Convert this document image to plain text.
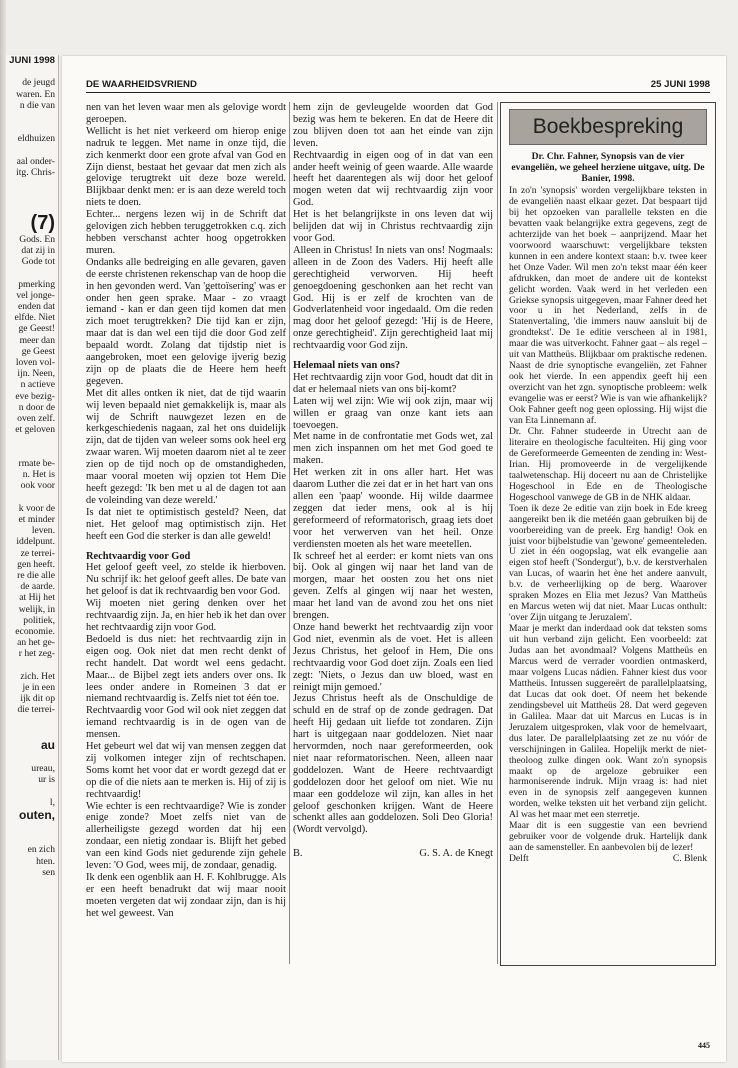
JUNI 1998

de jeugd
waren. En
n die van

eldhuizen

aal onder-
itg. Chris-

(7)
Gods. En
dat zij in
Gode tot

pmerking
vel jonge-
enden dat
elfde. Niet
ge Geest!
meer dan
ge Geest
loven vol-
ijn. Neen,
n actieve
eve bezig-
n door de
oven zelf.
et geloven

rmate be-
n. Het is
ook voor

k voor de
et minder
leven.
iddelpunt.
ze terrei-
gen heeft.
re die alle
de aarde.
at Hij het
welijk, in
politiek,
economie.
an het ge-
r het zeg-

zich. Het
je in een
ijk dit op
die terrei-

au

ureau,
ur is

l,
outen,

en zich
hten.
sen
DE WAARHEIDSVRIEND	25 JUNI 1998

nen van het leven waar men als gelovige wordt geroepen.

Wellicht is het niet verkeerd om hierop enige nadruk te leggen. Met name in onze tijd, die zich kenmerkt door een grote afval van God en Zijn dienst, bestaat het gevaar dat men zich als gelovige terugtrekt uit deze boze wereld. Blijkbaar denkt men: er is aan deze wereld toch niets te doen.

Echter... nergens lezen wij in de Schrift dat gelovigen zich hebben teruggetrokken c.q. zich hebben verschanst achter hoog opgetrokken muren.

Ondanks alle bedreiging en alle gevaren, gaven de eerste christenen rekenschap van de hoop die in hen gevonden werd. Van 'gettoïsering' was er onder hen geen sprake. Maar - zo vraagt iemand - kan er dan geen tijd komen dat men zich moet terugtrekken? Die tijd kan er zijn, maar dat is dan wel een tijd die door God zelf bepaald wordt. Zolang dat tijdstip niet is aangebroken, moet een gelovige ijverig bezig zijn op de plaats die de Heere hem heeft gegeven.

Met dit alles ontken ik niet, dat de tijd waarin wij leven bepaald niet gemakkelijk is, maar als wij de Schrift nauwgezet lezen en de kerkgeschiedenis nagaan, zal het ons duidelijk zijn, dat de tijden van weleer soms ook heel erg zwaar waren. Wij moeten daarom niet al te zeer zien op de tijd noch op de omstandigheden, maar vooral moeten wij opzien tot Hem Die heeft gezegd: 'Ik ben met u al de dagen tot aan de voleinding van deze wereld.'

Is dat niet te optimistisch gesteld? Neen, dat niet. Het geloof mag optimistisch zijn. Het heeft een God die sterker is dan alle geweld!

Rechtvaardig voor God

Het geloof geeft veel, zo stelde ik hierboven. Nu schrijf ik: het geloof geeft alles. De bate van het geloof is dat ik rechtvaardig ben voor God.

Wij moeten niet gering denken over het rechtvaardig zijn. Ja, en hier heb ik het dan over het rechtvaardig zijn voor God.

Bedoeld is dus niet: het rechtvaardig zijn in eigen oog. Ook niet dat men recht denkt of recht handelt. Dat wordt wel eens gedacht. Maar... de Bijbel zegt iets anders over ons. Ik lees onder andere in Romeinen 3 dat er niemand rechtvaardig is. Zelfs niet tot één toe.

Rechtvaardig voor God wil ook niet zeggen dat iemand rechtvaardig is in de ogen van de mensen.

Het gebeurt wel dat wij van mensen zeggen dat zij volkomen integer zijn of rechtschapen. Soms komt het voor dat er wordt gezegd dat er op die of die niets aan te merken is. Hij of zij is rechtvaardig!

Wie echter is een rechtvaardige? Wie is zonder enige zonde? Moet zelfs niet van de allerheiligste gezegd worden dat hij een zondaar, een nietig zondaar is. Blijft het gebed van een kind Gods niet gedurende zijn gehele leven: 'O God, wees mij, de zondaar, genadig.

Ik denk een ogenblik aan H. F. Kohlbrugge. Als er een heeft benadrukt dat wij maar nooit moeten vergeten dat wij zondaar zijn, dan is hij het wel geweest. Van

hem zijn de gevleugelde woorden dat God bezig was hem te bekeren. En dat de Heere dit zou blijven doen tot aan het einde van zijn leven.

Rechtvaardig in eigen oog of in dat van een ander heeft weinig of geen waarde. Alle waarde heeft het daarentegen als wij door het geloof mogen weten dat wij rechtvaardig zijn voor God.

Het is het belangrijkste in ons leven dat wij belijden dat wij in Christus rechtvaardig zijn voor God.

Alleen in Christus! In niets van ons! Nogmaals: alleen in de Zoon des Vaders. Hij heeft alle gerechtigheid verworven. Hij heeft genoegdoening geschonken aan het recht van God. Hij is er zelf de krochten van de Godverlatenheid voor ingedaald. Om die reden mag door het geloof gezegd: 'Hij is de Heere, onze gerechtigheid'. Zijn gerechtigheid laat mij rechtvaardig voor God zijn.

Helemaal niets van ons?

Het rechtvaardig zijn voor God, houdt dat dit in dat er helemaal niets van ons bij-komt?

Laten wij wel zijn: Wie wij ook zijn, maar wij willen er graag van onze kant iets aan toevoegen.

Met name in de confrontatie met Gods wet, zal men zich inspannen om het met God goed te maken.

Het werken zit in ons aller hart. Het was daarom Luther die zei dat er in het hart van ons allen een 'paap' woonde. Hij wilde daarmee zeggen dat ieder mens, ook al is hij gereformeerd of reformatorisch, graag iets doet voor het verwerven van het heil. Onze verdiensten moeten als het ware meetellen.

Ik schreef het al eerder: er komt niets van ons bij. Ook al gingen wij naar het land van de morgen, maar het oosten zou het ons niet geven. Zelfs al gingen wij naar het westen, maar het land van de avond zou het ons niet brengen.

Onze hand bewerkt het rechtvaardig zijn voor God niet, evenmin als de voet. Het is alleen Jezus Christus, het geloof in Hem, Die ons rechtvaardig voor God doet zijn. Zoals een lied zegt: 'Niets, o Jezus dan uw bloed, wast en reinigt mijn gemoed.'

Jezus Christus heeft als de Onschuldige de schuld en de straf op de zonde gedragen. Dat heeft Hij gedaan uit liefde tot zondaren. Zijn hart is uitgegaan naar goddelozen. Niet naar hervormden, noch naar gereformeerden, ook niet naar reformatorischen. Neen, alleen naar goddelozen. Want de Heere rechtvaardigt goddelozen door het geloof om niet. Wie nu maar een goddeloze wil zijn, kan alles in het geloof geschonken krijgen. Want de Heere schenkt alles aan goddelozen. Soli Deo Gloria! (Wordt vervolgd).

B.	G. S. A. de Knegt
Boekbespreking
Dr. Chr. Fahner, Synopsis van de vier evangeliën, we geheel herziene uitgave, uitg. De Banier, 1998.

In zo'n 'synopsis' worden vergelijkbare teksten in de evangeliën naast elkaar gezet. Dat bespaart tijd bij het opzoeken van parallelle teksten en die bevatten vaak belangrijke extra gegevens, zegt de achterzijde van het boek – aanprijzend. Maar het voorwoord waarschuwt: vergelijkbare teksten kunnen in een andere kontext staan: b.v. twee keer het Onze Vader. Wil men zo'n tekst maar één keer afdrukken, dan moet de andere uit de kontekst gelicht worden. Vaak werd in het verleden een Griekse synopsis uitgegeven, maar Fahner deed het voor u in het Nederland, zelfs in de Statenvertaling, 'die immers nauw aansluit bij de grondtekst'. De 1e editie verscheen al in 1981, maar die was uitverkocht. Fahner gaat – als regel – uit van Mattheüs. Blijkbaar om praktische redenen. Naast de drie synoptische evangeliën, zet Fahner ook het vierde. In een appendix geeft hij een overzicht van het zgn. synoptische probleem: welk evangelie was er eerst? Wie is van wie afhankelijk? Ook Fahner geeft nog geen oplossing. Hij wijst die van Eta Linnemann af.

Dr. Chr. Fahner studeerde in Utrecht aan de literaire en theologische faculteiten. Hij ging voor de Gereformeerde Gemeenten de zending in: West-Irian. Hij promoveerde in de vergelijkende taalwetenschap. Hij doceert nu aan de Christelijke Hogeschool in Ede en de Theologische Hogeschool vanwege de GB in de NHK aldaar.

Toen ik deze 2e editie van zijn boek in Ede kreeg aangereikt ben ik die metéén gaan gebruiken bij de voorbereiding van de preek. Erg handig! Ook en juist voor bijbelstudie van 'gewone' gemeenteleden. U ziet in één oogopslag, wat elk evangelie aan eigen stof heeft ('Sondergut'), b.v. de kerstverhalen van Lucas, of waarin het ène het andere aanvult, b.v. de verheerlijking op de berg. Waarover spraken Mozes en Elia met Jezus? Van Mattheüs en Marcus weten wij dat niet. Maar Lucas onthult: 'over Zijn uitgang te Jeruzalem'.

Maar je merkt dan inderdaad ook dat teksten soms uit hun verband zijn gelicht. Een voorbeeld: zat Judas aan het avondmaal? Volgens Mattheüs en Marcus werd de verrader voordien ontmaskerd, maar volgens Lucas nádien. Fahner kiest dus voor Mattheüs. Intussen suggereërt de parallelplaatsing, dat Lucas dat ook doet. Of neem het bekende zendingsbevel uit Mattheüs 28. Dat werd gegeven in Galilea. Maar dat uit Marcus en Lucas is in Jeruzalem uitgesproken, vlak voor de hemelvaart, dus later. De parallelplaatsing zet ze nu vóór de verschijningen in Galilea. Hopelijk merkt de niet-theoloog zulke dingen ook. Want zo'n synopsis maakt op de argeloze gebruiker een harmoniserende indruk. Mijn vraag is: had niet even in de synopsis zelf aangegeven kunnen worden, welke teksten uit het verband zijn gelicht. Al was het maar met een sterretje.

Maar dit is een suggestie van een bevriend gebruiker voor de volgende druk. Hartelijk dank aan de samensteller. En aanbevolen bij de lezer!

Delft	C. Blenk
445
